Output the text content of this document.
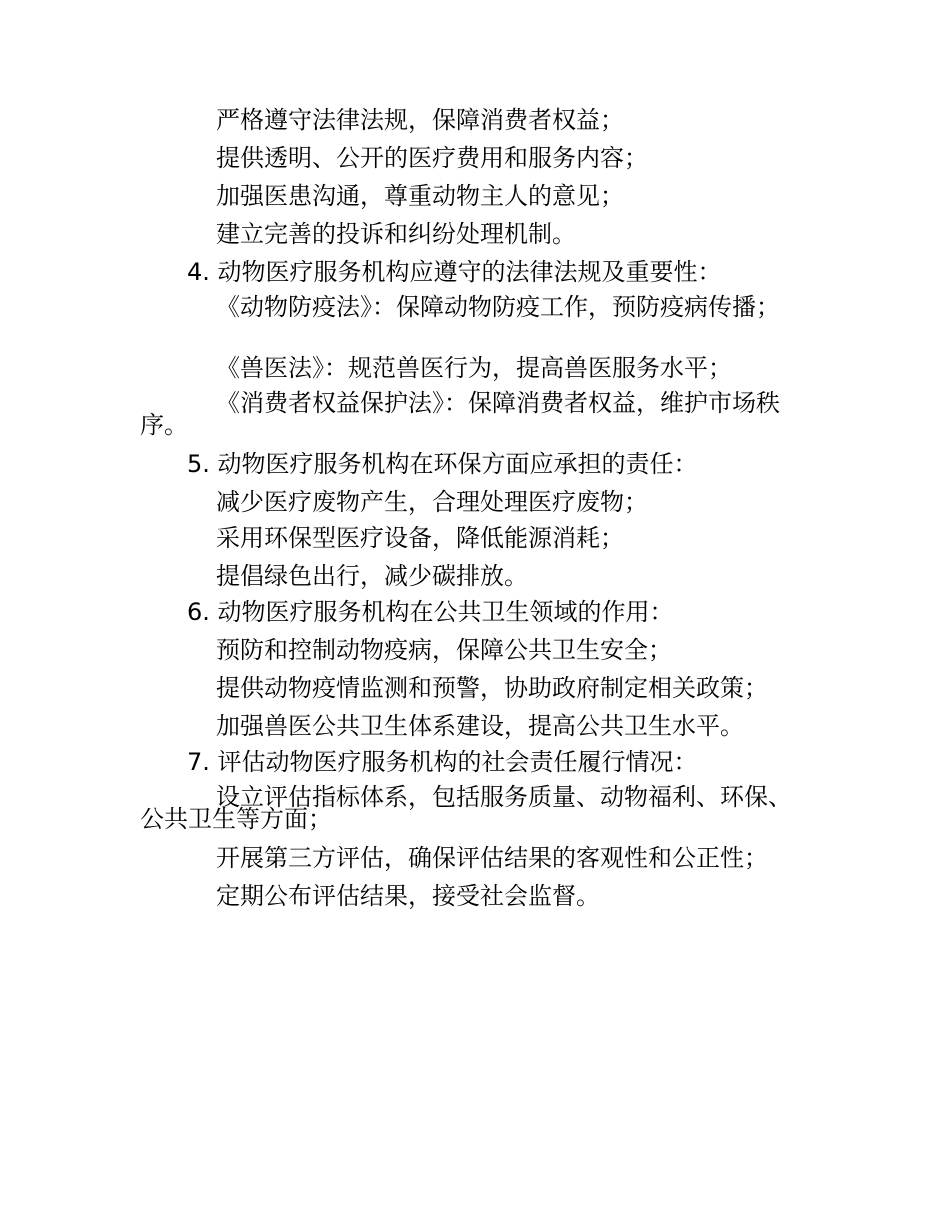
严格遵守法律法规，保障消费者权益；
提供透明、公开的医疗费用和服务内容；
加强医患沟通，尊重动物主人的意见；
建立完善的投诉和纠纷处理机制。
4. 动物医疗服务机构应遵守的法律法规及重要性：
《动物防疫法》：保障动物防疫工作，预防疫病传播；
《兽医法》：规范兽医行为，提高兽医服务水平；
《消费者权益保护法》：保障消费者权益，维护市场秩序。
5. 动物医疗服务机构在环保方面应承担的责任：
减少医疗废物产生，合理处理医疗废物；
采用环保型医疗设备，降低能源消耗；
提倡绿色出行，减少碳排放。
6. 动物医疗服务机构在公共卫生领域的作用：
预防和控制动物疫病，保障公共卫生安全；
提供动物疫情监测和预警，协助政府制定相关政策；
加强兽医公共卫生体系建设，提高公共卫生水平。
7. 评估动物医疗服务机构的社会责任履行情况：
设立评估指标体系，包括服务质量、动物福利、环保、公共卫生等方面；
开展第三方评估，确保评估结果的客观性和公正性；
定期公布评估结果，接受社会监督。
